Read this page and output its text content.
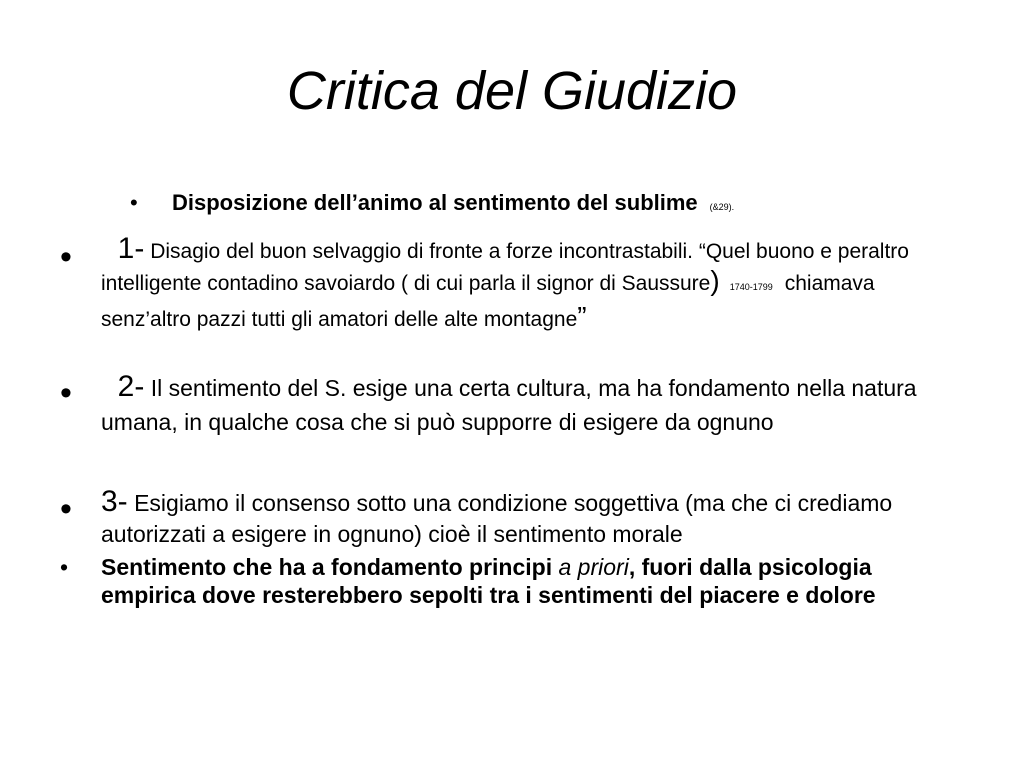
Critica del Giudizio
• Disposizione dell’animo al sentimento del sublime (&29).
• 1- Disagio del buon selvaggio di fronte a forze incontrastabili. “Quel buono e peraltro intelligente contadino savoiardo ( di cui parla il signor di Saussure) 1740-1799 chiamava senz’altro pazzi tutti gli amatori delle alte montagne”
• 2- Il sentimento del S. esige una certa cultura, ma ha fondamento nella natura umana, in qualche cosa che si può supporre di esigere da ognuno
• 3- Esigiamo il consenso sotto una condizione soggettiva (ma che ci crediamo autorizzati a esigere in ognuno) cioè il sentimento morale
• Sentimento che ha a fondamento principi a priori, fuori dalla psicologia empirica dove resterebbero sepolti tra i sentimenti del piacere e dolore
